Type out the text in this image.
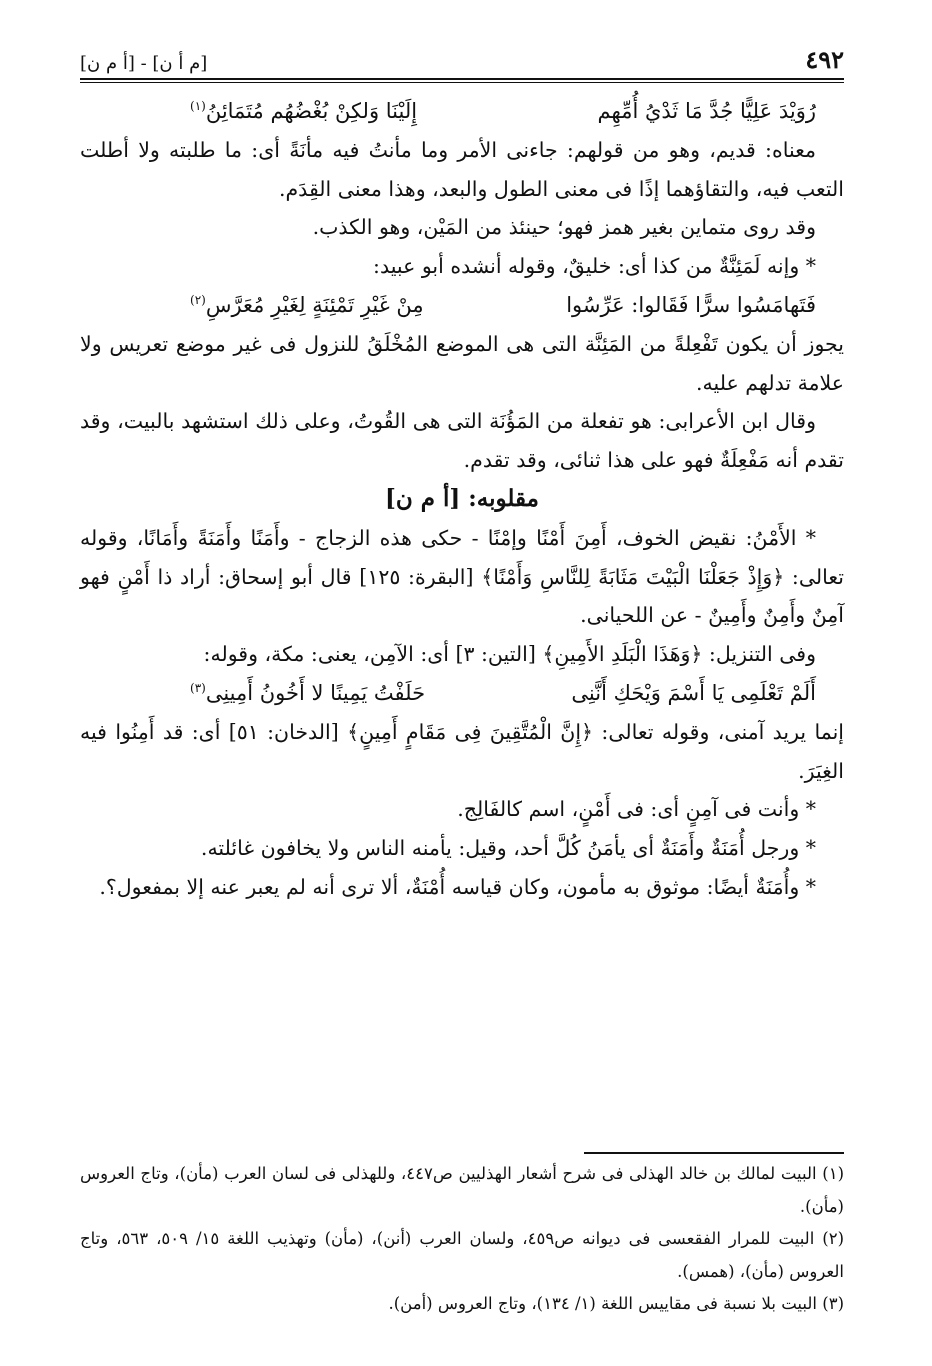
٤٩٢
[م أ ن] - [أ م ن]
رُوَيْدَ عَلِيًّا جُدَّ مَا ثَدْيُ أُمِّهِم
إِلَيْنَا وَلكِنْ بُغْضُهُم مُتَمَائِنُ$^{(١)}$

معناه: قديم، وهو من قولهم: جاءنى الأمر وما مأنتُ فيه مأنَةً أى: ما طلبته ولا أطلت التعب فيه، والتقاؤهما إذًا فى معنى الطول والبعد، وهذا معنى القِدَم.

وقد روى متماين بغير همز فهو؛ حينئذ من المَيْن، وهو الكذب.

* وإنه لَمَئِنَّةٌ من كذا أى: خليقٌ، وقوله أنشده أبو عبيد:

فَتَهامَسُوا سرًّا فَقَالوا: عَرِّسُوا
مِنْ غَيْرِ تَمْئِنَةٍ لِغَيْرِ مُعَرَّسِ$^{(٢)}$

يجوز أن يكون تَفْعِلةً من المَئِنَّة التى هى الموضع المُخْلَقُ للنزول فى غير موضع تعريس ولا علامة تدلهم عليه.

وقال ابن الأعرابى: هو تفعلة من المَؤُنَة التى هى القُوتُ، وعلى ذلك استشهد بالبيت، وقد تقدم أنه مَفْعِلَةٌ فهو على هذا ثنائى، وقد تقدم.

مقلوبه: [أ م ن]

* الأَمْنُ: نقيض الخوف، أَمِنَ أَمْنًا وإمْنًا - حكى هذه الزجاج - وأَمَنًا وأَمَنَةً وأَمَانًا، وقوله تعالى: ﴿وَإِذْ جَعَلْنَا الْبَيْتَ مَثَابَةً لِلنَّاسِ وَأَمْنًا﴾ [البقرة: ١٢٥] قال أبو إسحاق: أراد ذا أَمْنٍ فهو آمِنٌ وأَمِنٌ وأَمِينٌ - عن اللحيانى.

وفى التنزيل: ﴿وَهَذَا الْبَلَدِ الأَمِينِ﴾ [التين: ٣] أى: الآمِن، يعنى: مكة، وقوله:

أَلَمْ تَعْلَمِى يَا أَسْمَ وَيْحَكِ أَنَّنِى
حَلَفْتُ يَمِينًا لا أَخُونُ أَمِينِى$^{(٣)}$

إنما يريد آمنى، وقوله تعالى: ﴿إِنَّ الْمُتَّقِينَ فِى مَقَامٍ أَمِينٍ﴾ [الدخان: ٥١] أى: قد أَمِنُوا فيه الغِيَرَ.

* وأنت فى آمِنٍ أى: فى أَمْنٍ، اسم كالفَالِج.

* ورجل أُمَنَةٌ وأَمَنَةٌ أى يأمَنُ كُلَّ أحد، وقيل: يأمنه الناس ولا يخافون غائلته.

* وأُمَنَةٌ أيضًا: موثوق به مأمون، وكان قياسه أُمْنَةٌ، ألا ترى أنه لم يعبر عنه إلا بمفعول؟.

(١) البيت لمالك بن خالد الهذلى فى شرح أشعار الهذليين ص٤٤٧، وللهذلى فى لسان العرب (مأن)، وتاج العروس (مأن).

(٢) البيت للمرار الفقعسى فى ديوانه ص٤٥٩، ولسان العرب (أنن)، (مأن) وتهذيب اللغة ١٥/ ٥٠٩، ٥٦٣، وتاج العروس (مأن)، (همس).

(٣) البيت بلا نسبة فى مقاييس اللغة (١/ ١٣٤)، وتاج العروس (أمن).
